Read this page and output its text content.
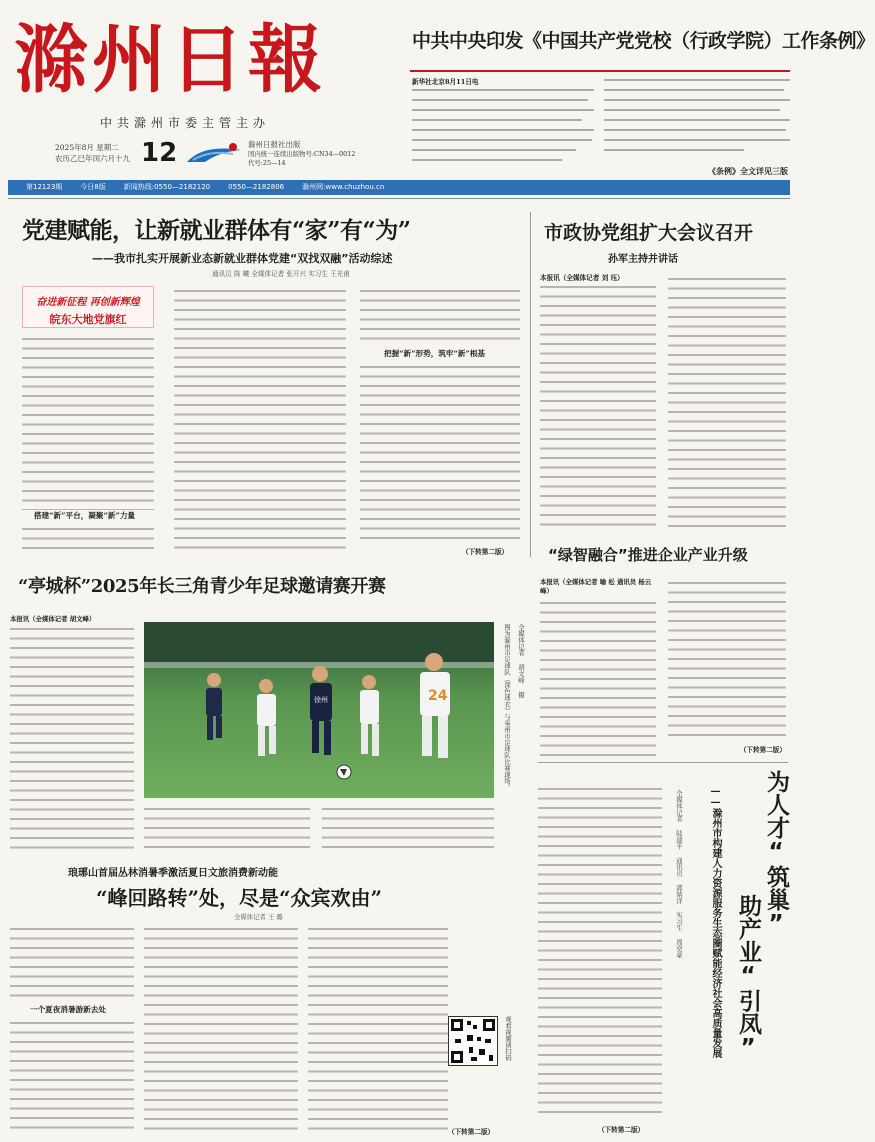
滁州日報
中共滁州市委主管主办
2025年8月 星期二
农历乙巳年闰六月十九 12	滁州日报社出版
国内统一连续出版物号:CN34—0012
代号:25—14
第12123期	今日8版	新闻热线:0550—2182120	0550—2182806	滁州网:www.chuzhou.cn
中共中央印发《中国共产党党校（行政学院）工作条例》
新华社北京8月11日电
《条例》全文详见三版
党建赋能，让新就业群体有“家”有“为”
——我市扎实开展新业态新就业群体党建“双找双融”活动综述
通讯员 陈 曦 全媒体记者 张开兴 实习生 王光甫
奋进新征程 再创新辉煌
皖东大地党旗红
搭建“新”平台，凝聚“新”力量
把握“新”形势，筑牢“新”根基
（下转第二版）
市政协党组扩大会议召开
孙军主持并讲话
本报讯（全媒体记者 刘 珏）
“绿智融合”推进企业产业升级
本报讯（全媒体记者 喻 松 通讯员 杨云峰）
（下转第二版）
“亭城杯”2025年长三角青少年足球邀请赛开赛
本报讯（全媒体记者 胡文峰）
徐州	24	图为滁州市足球队（深色球衣）与亳州市足球队比赛现场。 全媒体记者 胡文峰 摄
为人才“筑巢”
助产业“引凤”
——滁州市构建人力资源服务生态圈赋能经济社会高质量发展
全媒体记者 陆建平 通讯员 郭婧洋 实习生 周奕豪
（下转第二版）
琅琊山首届丛林消暑季激活夏日文旅消费新动能
“峰回路转”处，尽是“众宾欢由”
全媒体记者 王 璐
一个夏夜消暑游新去处
观看视频请扫码
（下转第二版）
